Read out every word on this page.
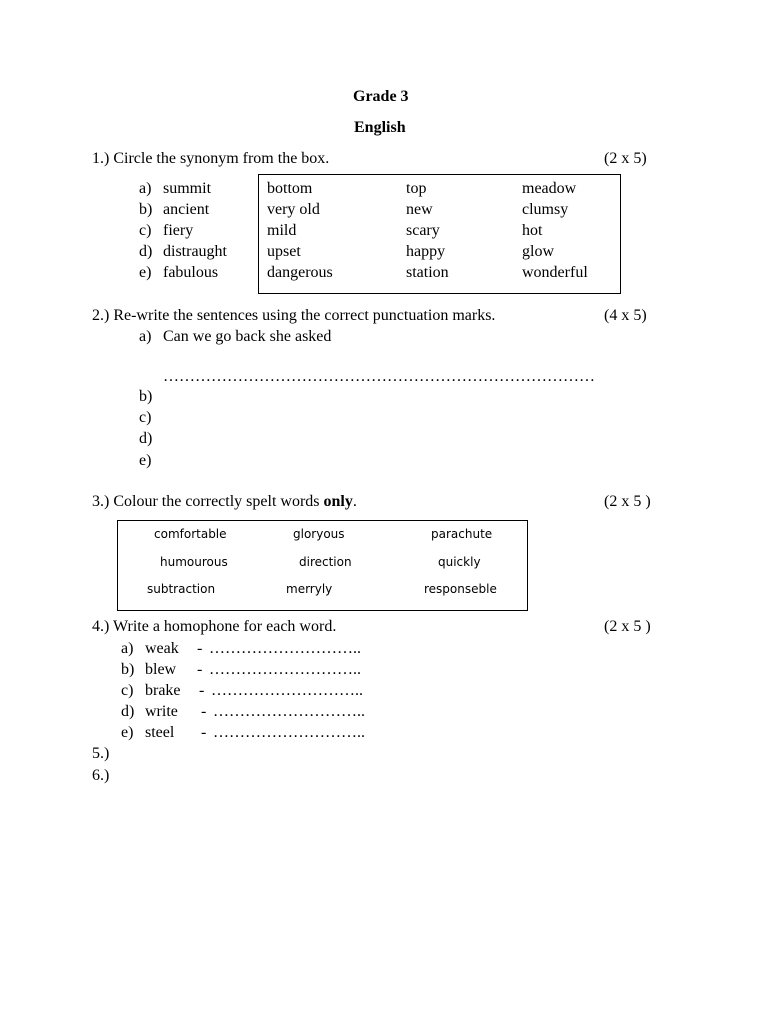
Grade 3
English
1.) Circle the synonym from the box.	(2 x 5)
a) summit
b) ancient
c) fiery
d) distraught
e) fabulous
bottom	top	meadow
very old	new	clumsy
mild	scary	hot
upset	happy	glow
dangerous	station	wonderful
2.) Re-write the sentences using the correct punctuation marks.	(4 x 5)
a) Can we go back she asked
………………………………………………………………………
b)
c)
d)
e)
3.) Colour the correctly spelt words only.	(2 x 5 )
comfortable	gloryous	parachute
humourous	direction	quickly
subtraction	merryly	responseble
4.) Write a homophone for each word.	(2 x 5 )
a) weak - ………………………..
b) blew - ………………………..
c) brake - ………………………..
d) write - ………………………..
e) steel - ………………………..
5.)
6.)
